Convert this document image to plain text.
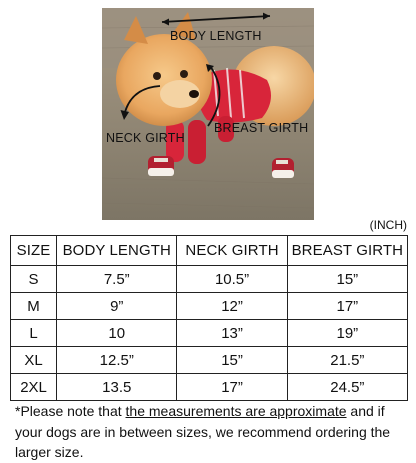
BODY LENGTH
NECK GIRTH
BREAST GIRTH
(INCH)
SIZE	BODY LENGTH	NECK GIRTH	BREAST GIRTH
S	7.5”	10.5”	15”
M	9”	12”	17”
L	10	13”	19”
XL	12.5”	15”	21.5”
2XL	13.5	17”	24.5”
*Please note that the measurements are approximate and if your dogs are in between sizes, we recommend ordering the larger size.
